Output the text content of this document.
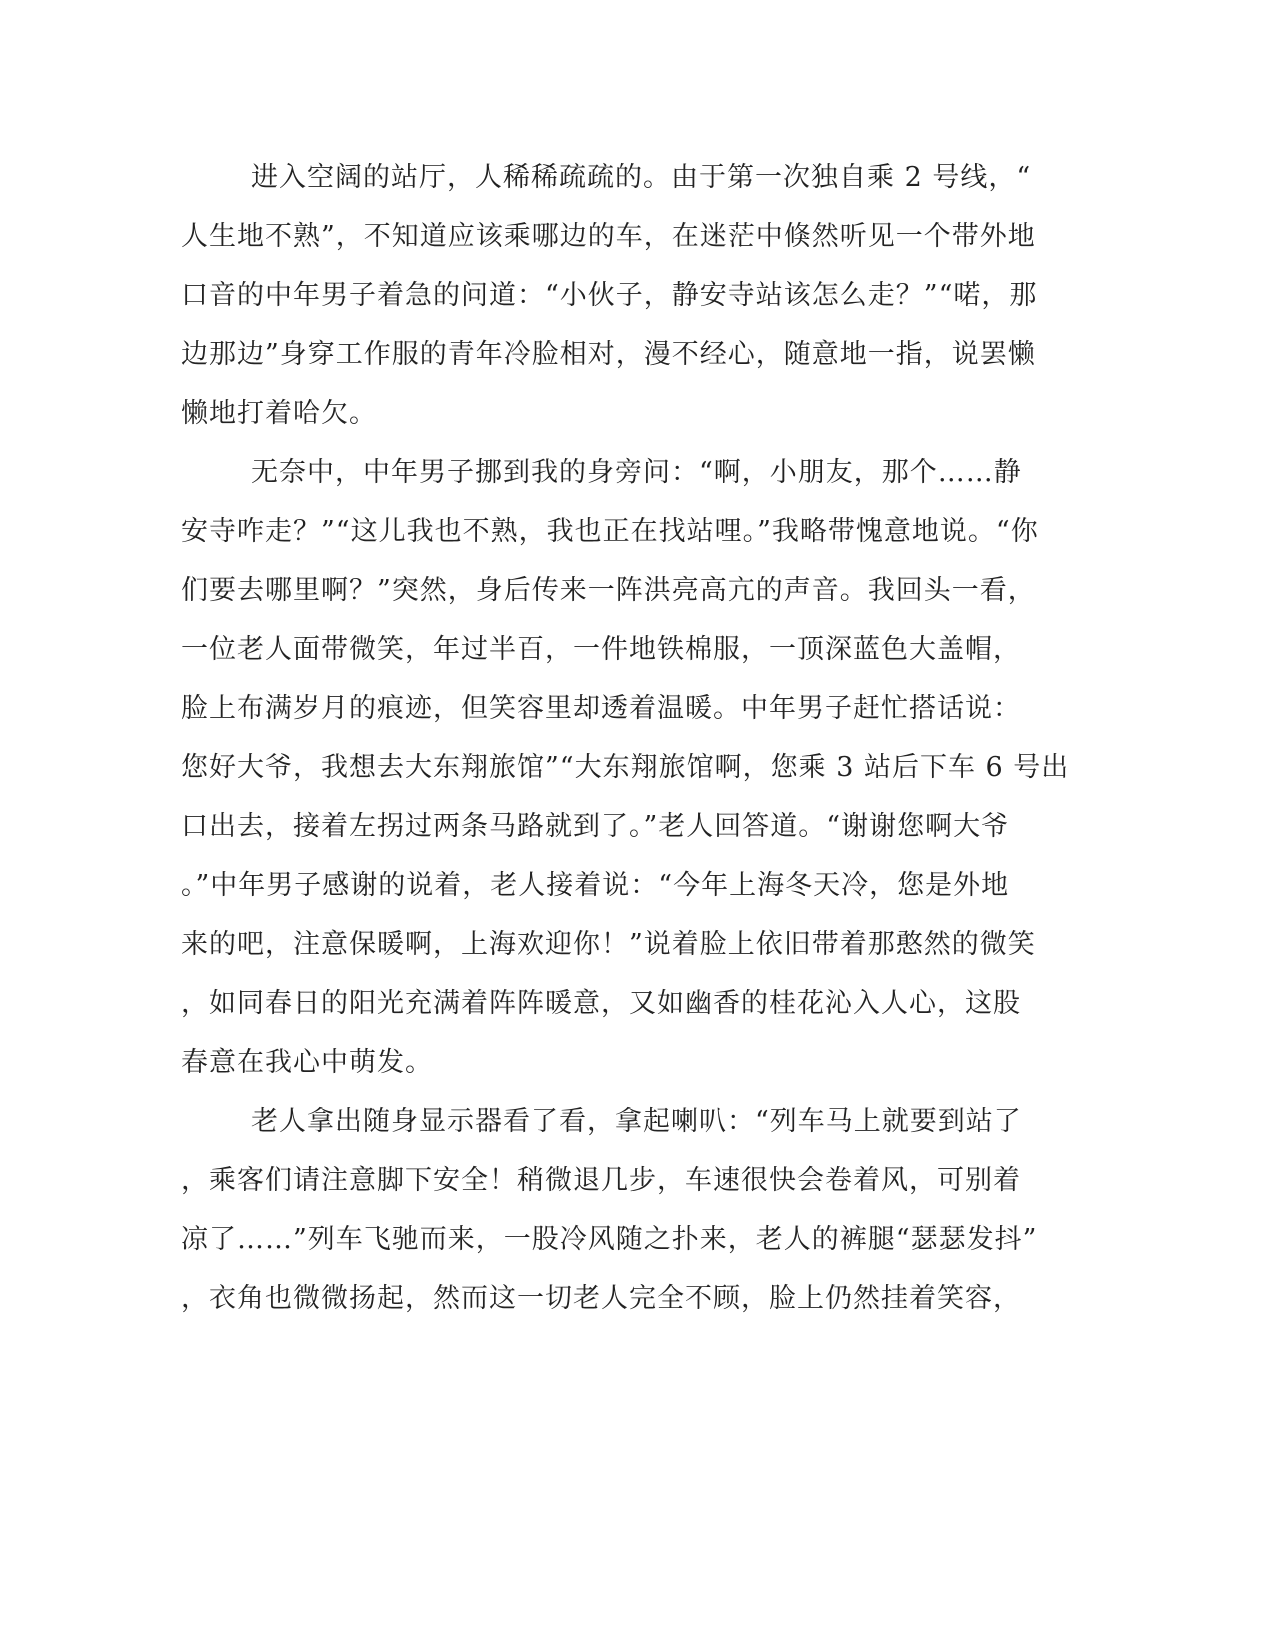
进入空阔的站厅，人稀稀疏疏的。由于第一次独自乘 2 号线，“
人生地不熟”，不知道应该乘哪边的车，在迷茫中倏然听见一个带外地
口音的中年男子着急的问道：“小伙子，静安寺站该怎么走？”“喏，那
边那边”身穿工作服的青年冷脸相对，漫不经心，随意地一指，说罢懒
懒地打着哈欠。
无奈中，中年男子挪到我的身旁问：“啊，小朋友，那个……静
安寺咋走？”“这儿我也不熟，我也正在找站哩。”我略带愧意地说。“你
们要去哪里啊？”突然，身后传来一阵洪亮高亢的声音。我回头一看，
一位老人面带微笑，年过半百，一件地铁棉服，一顶深蓝色大盖帽，
脸上布满岁月的痕迹，但笑容里却透着温暖。中年男子赶忙搭话说：
您好大爷，我想去大东翔旅馆”“大东翔旅馆啊，您乘 3 站后下车 6 号出
口出去，接着左拐过两条马路就到了。”老人回答道。“谢谢您啊大爷
。”中年男子感谢的说着，老人接着说：“今年上海冬天冷，您是外地
来的吧，注意保暖啊，上海欢迎你！”说着脸上依旧带着那憨然的微笑
，如同春日的阳光充满着阵阵暖意，又如幽香的桂花沁入人心，这股
春意在我心中萌发。
老人拿出随身显示器看了看，拿起喇叭：“列车马上就要到站了
，乘客们请注意脚下安全！稍微退几步，车速很快会卷着风，可别着
凉了……”列车飞驰而来，一股冷风随之扑来，老人的裤腿“瑟瑟发抖”
，衣角也微微扬起，然而这一切老人完全不顾，脸上仍然挂着笑容，
